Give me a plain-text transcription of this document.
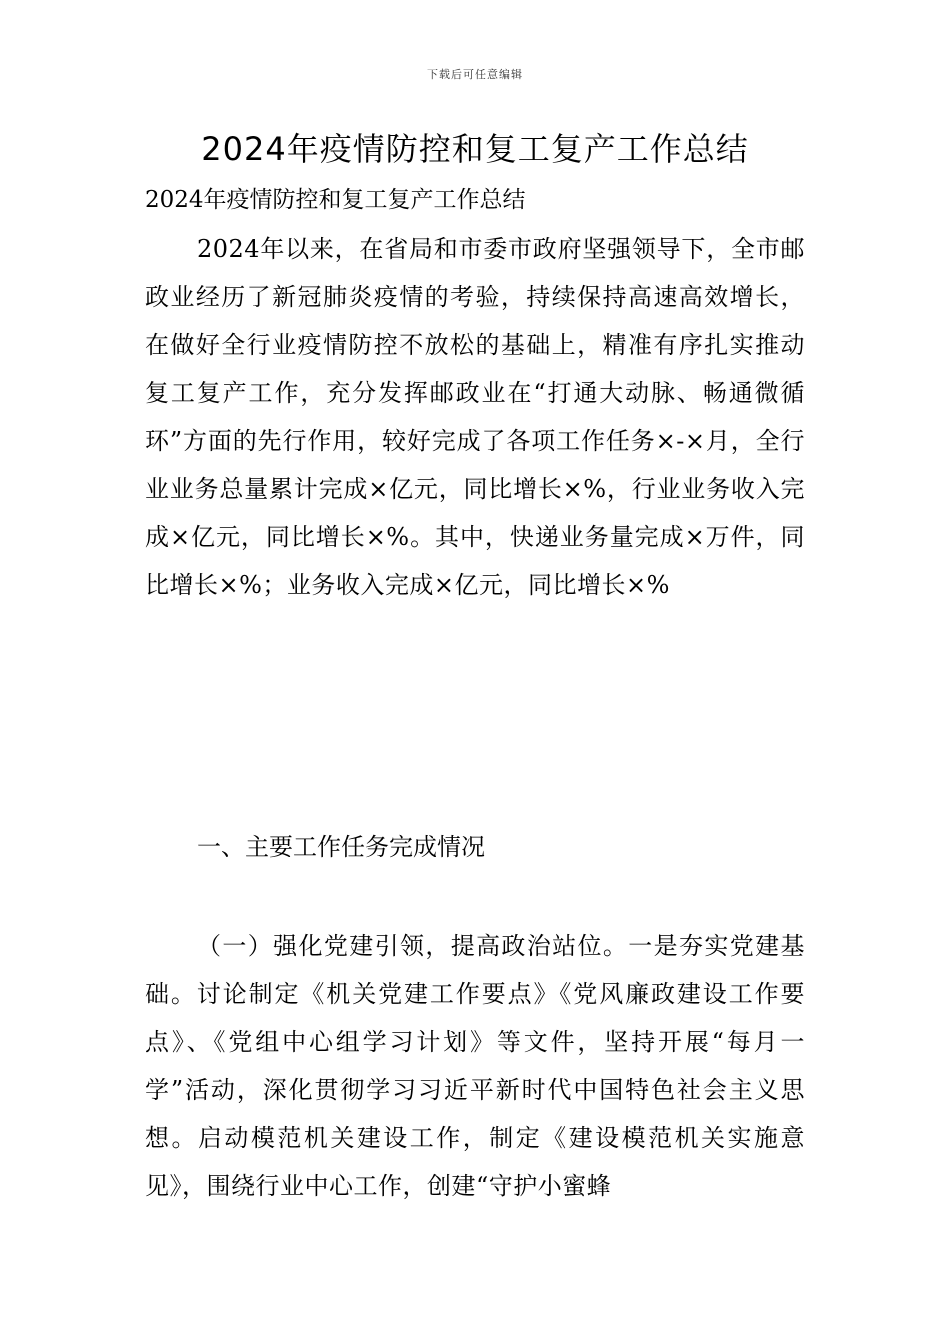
下载后可任意编辑
2024年疫情防控和复工复产工作总结

2024年疫情防控和复工复产工作总结

2024年以来，在省局和市委市政府坚强领导下，全市邮政业经历了新冠肺炎疫情的考验，持续保持高速高效增长，在做好全行业疫情防控不放松的基础上，精准有序扎实推动复工复产工作，充分发挥邮政业在“打通大动脉、畅通微循环”方面的先行作用，较好完成了各项工作任务×-×月，全行业业务总量累计完成×亿元，同比增长×%，行业业务收入完成×亿元，同比增长×%。其中，快递业务量完成×万件，同比增长×%；业务收入完成×亿元，同比增长×%

一、主要工作任务完成情况

（一）强化党建引领，提高政治站位。一是夯实党建基础。讨论制定《机关党建工作要点》《党风廉政建设工作要点》、《党组中心组学习计划》等文件，坚持开展“每月一学”活动，深化贯彻学习习近平新时代中国特色社会主义思想。启动模范机关建设工作，制定《建设模范机关实施意见》，围绕行业中心工作，创建“守护小蜜蜂
